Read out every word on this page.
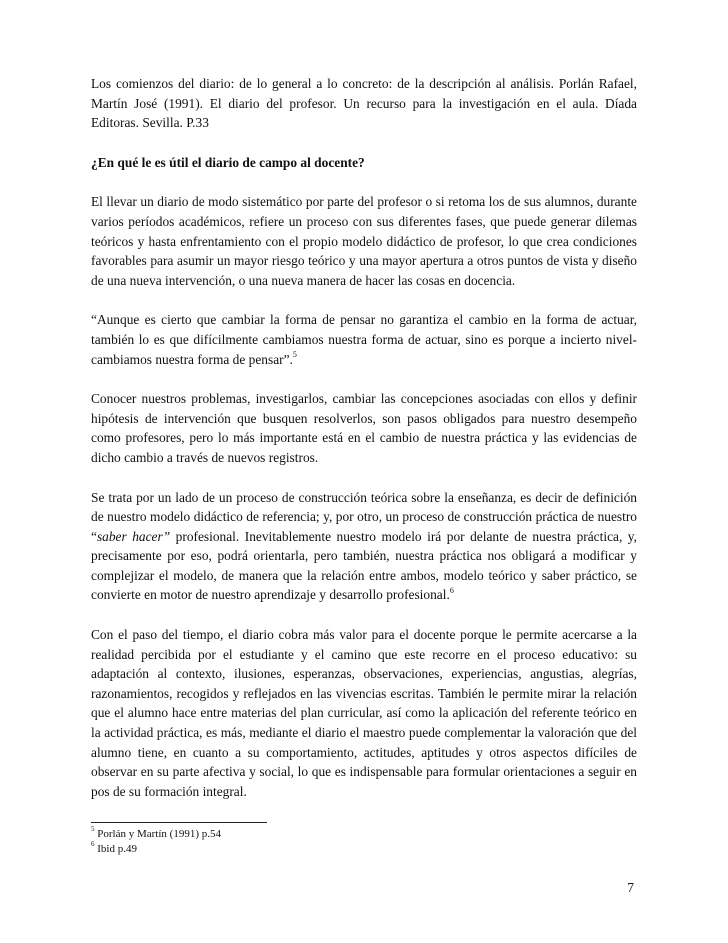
Los comienzos del diario: de lo general a lo concreto: de la descripción al análisis. Porlán Rafael, Martín José (1991). El diario del profesor. Un recurso para la investigación en el aula. Díada Editoras. Sevilla. P.33

¿En qué le es útil el diario de campo al docente?

El llevar un diario de modo sistemático por parte del profesor o si retoma los de sus alumnos, durante varios períodos académicos, refiere un proceso con sus diferentes fases, que puede generar dilemas teóricos y hasta enfrentamiento con el propio modelo didáctico de profesor, lo que crea condiciones favorables para asumir un mayor riesgo teórico y una mayor apertura a otros puntos de vista y diseño de una nueva intervención, o una nueva manera de hacer las cosas en docencia.

“Aunque es cierto que cambiar la forma de pensar no garantiza el cambio en la forma de actuar, también lo es que difícilmente cambiamos nuestra forma de actuar, sino es porque a incierto nivel- cambiamos nuestra forma de pensar”.$^5$

Conocer nuestros problemas, investigarlos, cambiar las concepciones asociadas con ellos y definir hipótesis de intervención que busquen resolverlos, son pasos obligados para nuestro desempeño como profesores, pero lo más importante está en el cambio de nuestra práctica y las evidencias de dicho cambio a través de nuevos registros.

Se trata por un lado de un proceso de construcción teórica sobre la enseñanza, es decir de definición de nuestro modelo didáctico de referencia; y, por otro, un proceso de construcción práctica de nuestro “saber hacer” profesional. Inevitablemente nuestro modelo irá por delante de nuestra práctica, y, precisamente por eso, podrá orientarla, pero también, nuestra práctica nos obligará a modificar y complejizar el modelo, de manera que la relación entre ambos, modelo teórico y saber práctico, se convierte en motor de nuestro aprendizaje y desarrollo profesional.$^6$

Con el paso del tiempo, el diario cobra más valor para el docente porque le permite acercarse a la realidad percibida por el estudiante y el camino que este recorre en el proceso educativo: su adaptación al contexto, ilusiones, esperanzas, observaciones, experiencias, angustias, alegrías, razonamientos, recogidos y reflejados en las vivencias escritas. También le permite mirar la relación que el alumno hace entre materias del plan curricular, así como la aplicación del referente teórico en la actividad práctica, es más, mediante el diario el maestro puede complementar la valoración que del alumno tiene, en cuanto a su comportamiento, actitudes, aptitudes y otros aspectos difíciles de observar en su parte afectiva y social, lo que es indispensable para formular orientaciones a seguir en pos de su formación integral.

$^5$ Porlán y Martín (1991) p.54
$^6$ Ibid p.49
7
